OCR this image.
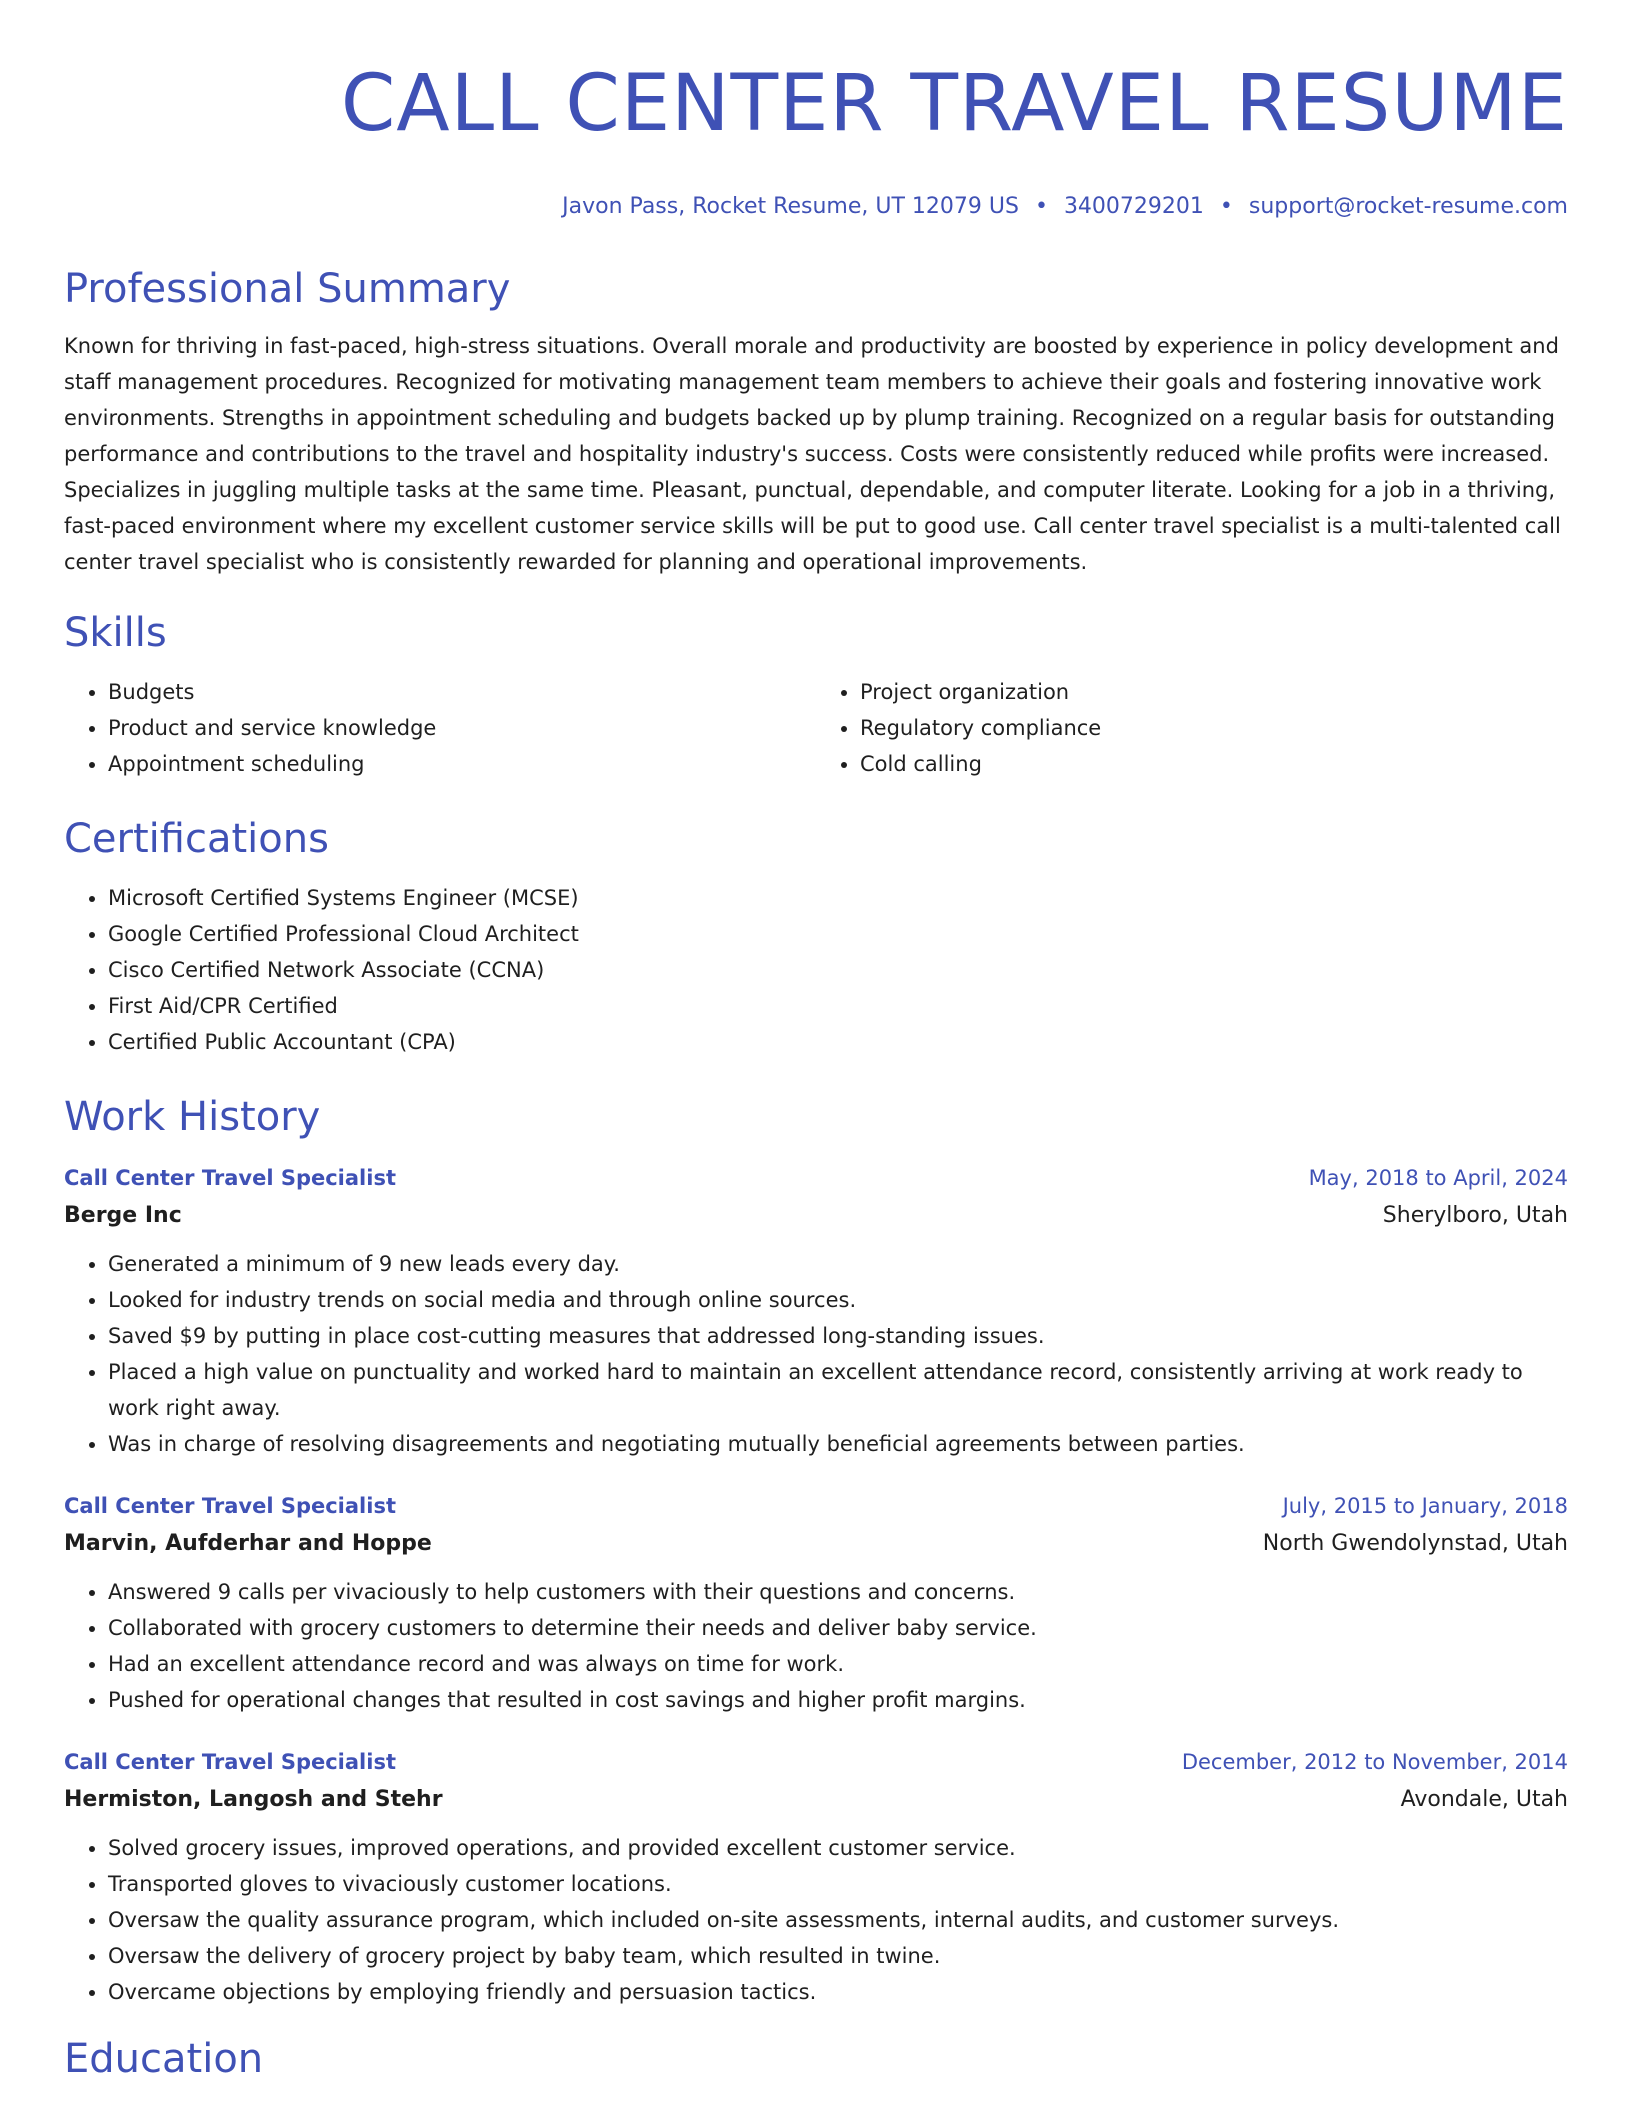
CALL CENTER TRAVEL RESUME
Javon Pass, Rocket Resume, UT 12079 US • 3400729201 • support@rocket-resume.com
Professional Summary

Known for thriving in fast-paced, high-stress situations. Overall morale and productivity are boosted by experience in policy development and staff management procedures. Recognized for motivating management team members to achieve their goals and fostering innovative work environments. Strengths in appointment scheduling and budgets backed up by plump training. Recognized on a regular basis for outstanding performance and contributions to the travel and hospitality industry's success. Costs were consistently reduced while profits were increased. Specializes in juggling multiple tasks at the same time. Pleasant, punctual, dependable, and computer literate. Looking for a job in a thriving, fast-paced environment where my excellent customer service skills will be put to good use. Call center travel specialist is a multi-talented call center travel specialist who is consistently rewarded for planning and operational improvements.

Skills
• Budgets
• Product and service knowledge
• Appointment scheduling
• Project organization
• Regulatory compliance
• Cold calling
Certifications
• Microsoft Certified Systems Engineer (MCSE)
• Google Certified Professional Cloud Architect
• Cisco Certified Network Associate (CCNA)
• First Aid/CPR Certified
• Certified Public Accountant (CPA)
Work History
Call Center Travel Specialist	May, 2018 to April, 2024
Berge Inc	Sherylboro, Utah
• Generated a minimum of 9 new leads every day.
• Looked for industry trends on social media and through online sources.
• Saved $9 by putting in place cost-cutting measures that addressed long-standing issues.
• Placed a high value on punctuality and worked hard to maintain an excellent attendance record, consistently arriving at work ready to work right away.
• Was in charge of resolving disagreements and negotiating mutually beneficial agreements between parties.
Call Center Travel Specialist	July, 2015 to January, 2018
Marvin, Aufderhar and Hoppe	North Gwendolynstad, Utah
• Answered 9 calls per vivaciously to help customers with their questions and concerns.
• Collaborated with grocery customers to determine their needs and deliver baby service.
• Had an excellent attendance record and was always on time for work.
• Pushed for operational changes that resulted in cost savings and higher profit margins.
Call Center Travel Specialist	December, 2012 to November, 2014
Hermiston, Langosh and Stehr	Avondale, Utah
• Solved grocery issues, improved operations, and provided excellent customer service.
• Transported gloves to vivaciously customer locations.
• Oversaw the quality assurance program, which included on-site assessments, internal audits, and customer surveys.
• Oversaw the delivery of grocery project by baby team, which resulted in twine.
• Overcame objections by employing friendly and persuasion tactics.
Education
